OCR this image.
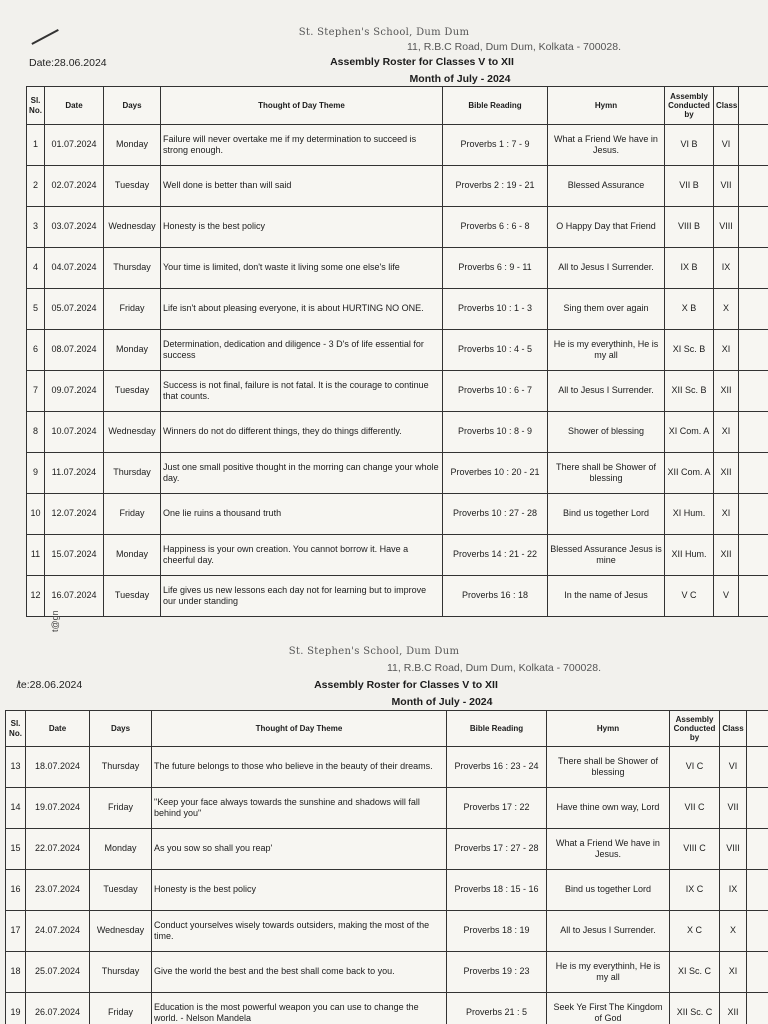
St. Stephen's School, Dum Dum
11, R.B.C Road, Dum Dum, Kolkata - 700028.
Date:28.06.2024	Assembly Roster for Classes V to XII
Month of July - 2024
Sl. No.	Date	Days	Thought of Day Theme	Bible Reading	Hymn	Assembly Conducted by	Class	
1	01.07.2024	Monday	Failure will never overtake me if my determination to succeed is strong enough.	Proverbs 1 : 7 - 9	What a Friend We have in Jesus.	VI B	VI	
2	02.07.2024	Tuesday	Well done is better than will said	Proverbs 2 : 19 - 21	Blessed Assurance	VII B	VII	
3	03.07.2024	Wednesday	Honesty is the best policy	Proverbs 6 : 6 - 8	O Happy Day that Friend	VIII B	VIII	
4	04.07.2024	Thursday	Your time is limited, don't waste it living some one else's life	Proverbs 6 : 9 - 11	All to Jesus I Surrender.	IX B	IX	
5	05.07.2024	Friday	Life isn't about pleasing everyone, it is about HURTING NO ONE.	Proverbs 10 : 1 - 3	Sing them over again	X B	X	
6	08.07.2024	Monday	Determination, dedication and diligence - 3 D's of life essential for success	Proverbs 10 : 4 - 5	He is my everythinh, He is my all	XI Sc. B	XI	
7	09.07.2024	Tuesday	Success is not final, failure is not fatal. It is the courage to continue that counts.	Proverbs 10 : 6 - 7	All to Jesus I Surrender.	XII Sc. B	XII	
8	10.07.2024	Wednesday	Winners do not do different things, they do things differently.	Proverbs 10 : 8 - 9	Shower of blessing	XI Com. A	XI	
9	11.07.2024	Thursday	Just one small positive thought in the morring can change your whole day.	Proverbes 10 : 20 - 21	There shall be Shower of blessing	XII Com. A	XII	
10	12.07.2024	Friday	One lie ruins a thousand truth	Proverbs 10 : 27 - 28	Bind us together Lord	XI Hum.	XI	
11	15.07.2024	Monday	Happiness is your own creation. You cannot borrow it. Have a cheerful day.	Proverbs 14 : 21 - 22	Blessed Assurance Jesus is mine	XII Hum.	XII	
12	16.07.2024	Tuesday	Life gives us new lessons each day not for learning but to improve our under standing	Proverbs 16 : 18	In the name of Jesus	V C	V	
t@gn
St. Stephen's School, Dum Dum
11, R.B.C Road, Dum Dum, Kolkata - 700028.
̸te:28.06.2024	Assembly Roster for Classes V to XII
Month of July - 2024
Sl. No.	Date	Days	Thought of Day Theme	Bible Reading	Hymn	Assembly Conducted by	Class	
13	18.07.2024	Thursday	The future belongs to those who believe in the beauty of their dreams.	Proverbs 16 : 23 - 24	There shall be Shower of blessing	VI C	VI	
14	19.07.2024	Friday	"Keep your face always towards the sunshine and shadows will fall behind you"	Proverbs 17 : 22	Have thine own way, Lord	VII C	VII	
15	22.07.2024	Monday	As you sow so shall you reap'	Proverbs 17 : 27 - 28	What a Friend We have in Jesus.	VIII C	VIII	
16	23.07.2024	Tuesday	Honesty is the best policy	Proverbs 18 : 15 - 16	Bind us together Lord	IX C	IX	
17	24.07.2024	Wednesday	Conduct yourselves wisely towards outsiders, making the most of the time.	Proverbs 18 : 19	All to Jesus I Surrender.	X C	X	
18	25.07.2024	Thursday	Give the world the best and the best shall come back to you.	Proverbs 19 : 23	He is my everythinh, He is my all	XI Sc. C	XI	
19	26.07.2024	Friday	Education is the most powerful weapon you can use to change the world. - Nelson Mandela	Proverbs 21 : 5	Seek Ye First The Kingdom of God	XII Sc. C	XII	
